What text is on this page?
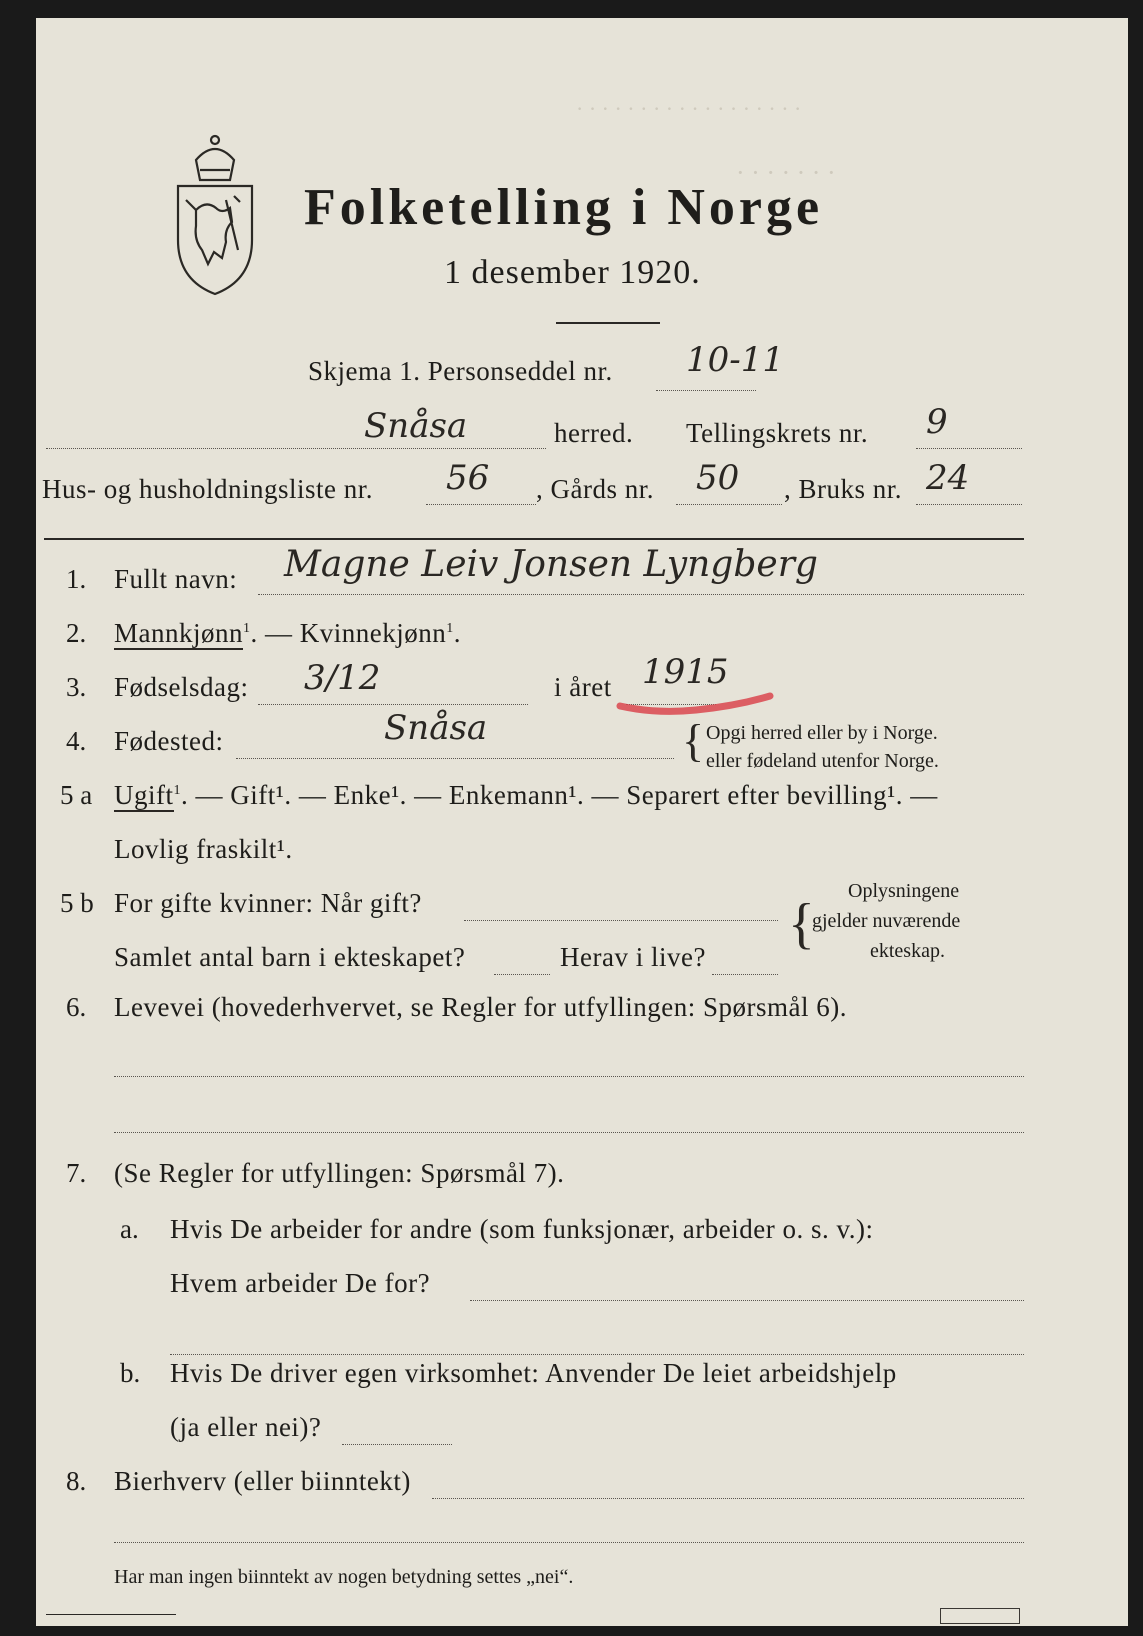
· · · · · · · · · · · · · · · · · ·
· · · · · · ·
Folketelling i Norge
1 desember 1920.
Skjema 1. Personseddel nr. 10-11
Snåsa	herred. Tellingskrets nr. 9
Hus- og husholdningsliste nr. 56 , Gårds nr. 50 , Bruks nr. 24
1. Fullt navn: Magne Leiv Jonsen Lyngberg
2. Mannkjønn$^1$. — Kvinnekjønn$^1$.
3. Fødselsdag: 3/12	i året 1915
4. Fødested:	Snåsa	{ Opgi herred eller by i Norge.
eller fødeland utenfor Norge.
5 a Ugift$^1$. — Gift¹. — Enke¹. — Enkemann¹. — Separert efter bevilling¹. —
Lovlig fraskilt¹.
5 b For gifte kvinner: Når gift?
Samlet antal barn i ekteskapet?	Herav i live?
{
Oplysningene
gjelder nuværende
ekteskap.
6. Levevei (hovederhvervet, se Regler for utfyllingen: Spørsmål 6).
7. (Se Regler for utfyllingen: Spørsmål 7).
a. Hvis De arbeider for andre (som funksjonær, arbeider o. s. v.):
Hvem arbeider De for?
b. Hvis De driver egen virksomhet: Anvender De leiet arbeidshjelp
(ja eller nei)?
8. Bierhverv (eller biinntekt)
Har man ingen biinntekt av nogen betydning settes „nei“.
